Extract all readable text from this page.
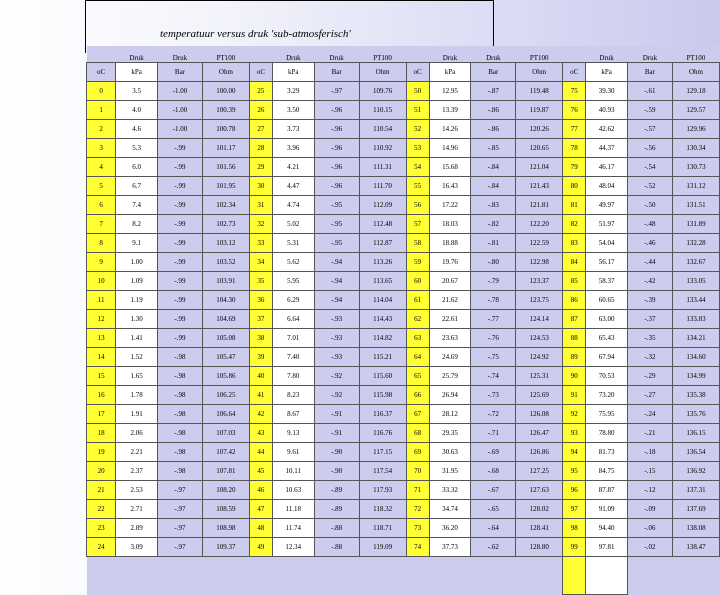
temperatuur versus druk 'sub-atmosferisch'
	Druk	Druk	PT100		Druk	Druk	PT100		Druk	Druk	PT100		Druk	Druk	PT100
oC	kPa	Bar	Ohm	oC	kPa	Bar	Ohm	oC	kPa	Bar	Ohm	oC	kPa	Bar	Ohm
0	3.5	-1.00	100.00	25	3.29	-.97	109.76	50	12.95	-.87	119.48	75	39.30	-.61	129.18
1	4.0	-1.00	100.39	26	3.50	-.96	110.15	51	13.39	-.86	119.87	76	40.93	-.59	129.57
2	4.6	-1.00	100.78	27	3.73	-.96	110.54	52	14.26	-.86	120.26	77	42.62	-.57	129.96
3	5.3	-.99	101.17	28	3.96	-.96	110.92	53	14.96	-.85	120.65	78	44.37	-.56	130.34
4	6.0	-.99	101.56	29	4.21	-.96	111.31	54	15.68	-.84	121.04	79	46.17	-.54	130.73
5	6.7	-.99	101.95	30	4.47	-.96	111.70	55	16.43	-.84	121.43	80	48.04	-.52	131.12
6	7.4	-.99	102.34	31	4.74	-.95	112.09	56	17.22	-.83	121.81	81	49.97	-.50	131.51
7	8.2	-.99	102.73	32	5.02	-.95	112.48	57	18.03	-.82	122.20	82	51.97	-.48	131.89
8	9.1	-.99	103.12	33	5.31	-.95	112.87	58	18.88	-.81	122.59	83	54.04	-.46	132.28
9	1.00	-.99	103.52	34	5.62	-.94	113.26	59	19.76	-.80	122.98	84	56.17	-.44	132.67
10	1.09	-.99	103.91	35	5.95	-.94	113.65	60	20.67	-.79	123.37	85	58.37	-.42	133.05
11	1.19	-.99	104.30	36	6.29	-.94	114.04	61	21.62	-.78	123.75	86	60.65	-.39	133.44
12	1.30	-.99	104.69	37	6.64	-.93	114.43	62	22.61	-.77	124.14	87	63.00	-.37	133.83
13	1.41	-.99	105.08	38	7.01	-.93	114.82	63	23.63	-.76	124.53	88	65.43	-.35	134.21
14	1.52	-.98	105.47	39	7.40	-.93	115.21	64	24.69	-.75	124.92	89	67.94	-.32	134.60
15	1.65	-.98	105.86	40	7.80	-.92	115.60	65	25.79	-.74	125.31	90	70.53	-.29	134.99
16	1.78	-.98	106.25	41	8.23	-.92	115.98	66	26.94	-.73	125.69	91	73.20	-.27	135.38
17	1.91	-.98	106.64	42	8.67	-.91	116.37	67	28.12	-.72	126.08	92	75.95	-.24	135.76
18	2.06	-.98	107.03	43	9.13	-.91	116.76	68	29.35	-.71	126.47	93	78.80	-.21	136.15
19	2.21	-.98	107.42	44	9.61	-.90	117.15	69	30.63	-.69	126.86	94	81.73	-.18	136.54
20	2.37	-.98	107.81	45	10.11	-.90	117.54	70	31.95	-.68	127.25	95	84.75	-.15	136.92
21	2.53	-.97	108.20	46	10.63	-.89	117.93	71	33.32	-.67	127.63	96	87.87	-.12	137.31
22	2.71	-.97	108.59	47	11.18	-.89	118.32	72	34.74	-.65	128.02	97	91.09	-.09	137.69
23	2.89	-.97	108.98	48	11.74	-.88	118.71	73	36.20	-.64	128.41	98	94.40	-.06	138.08
24	3.09	-.97	109.37	49	12.34	-.88	119.09	74	37.73	-.62	128.80	99	97.81	-.02	138.47
